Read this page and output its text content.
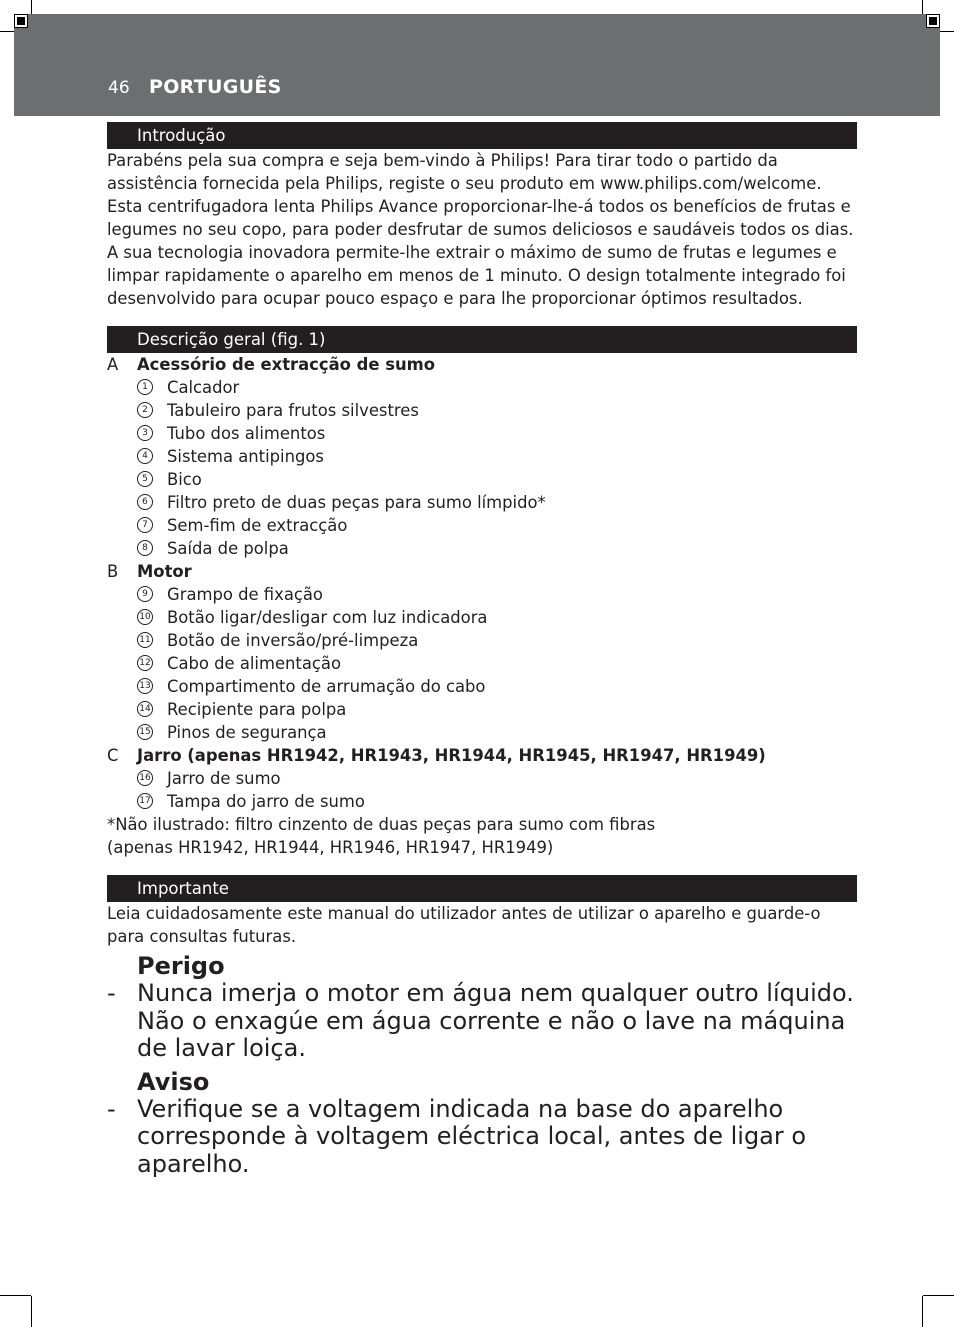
46 PORTUGUÊS
Introdução

Parabéns pela sua compra e seja bem-vindo à Philips! Para tirar todo o partido da assistência fornecida pela Philips, registe o seu produto em www.philips.com/welcome.

Esta centrifugadora lenta Philips Avance proporcionar-lhe-á todos os benefícios de frutas e legumes no seu copo, para poder desfrutar de sumos deliciosos e saudáveis todos os dias. A sua tecnologia inovadora permite-lhe extrair o máximo de sumo de frutas e legumes e limpar rapidamente o aparelho em menos de 1 minuto. O design totalmente integrado foi desenvolvido para ocupar pouco espaço e para lhe proporcionar óptimos resultados.

Descrição geral (fig. 1)
A Acessório de extracção de sumo
1	Calcador
2	Tabuleiro para frutos silvestres
3	Tubo dos alimentos
4	Sistema antipingos
5	Bico
6	Filtro preto de duas peças para sumo límpido*
7	Sem-fim de extracção
8	Saída de polpa
B Motor
9	Grampo de fixação
10 Botão ligar/desligar com luz indicadora
11 Botão de inversão/pré-limpeza
12 Cabo de alimentação
13 Compartimento de arrumação do cabo
14 Recipiente para polpa
15 Pinos de segurança
C Jarro (apenas HR1942, HR1943, HR1944, HR1945, HR1947, HR1949)
16 Jarro de sumo
17 Tampa do jarro de sumo
*Não ilustrado: filtro cinzento de duas peças para sumo com fibras
(apenas HR1942, HR1944, HR1946, HR1947, HR1949)
Importante

Leia cuidadosamente este manual do utilizador antes de utilizar o aparelho e guarde-o para consultas futuras.

Perigo
- Nunca imerja o motor em água nem qualquer outro líquido. Não o enxagúe em água corrente e não o lave na máquina de lavar loiça.
Aviso
- Verifique se a voltagem indicada na base do aparelho corresponde à voltagem eléctrica local, antes de ligar o aparelho.
